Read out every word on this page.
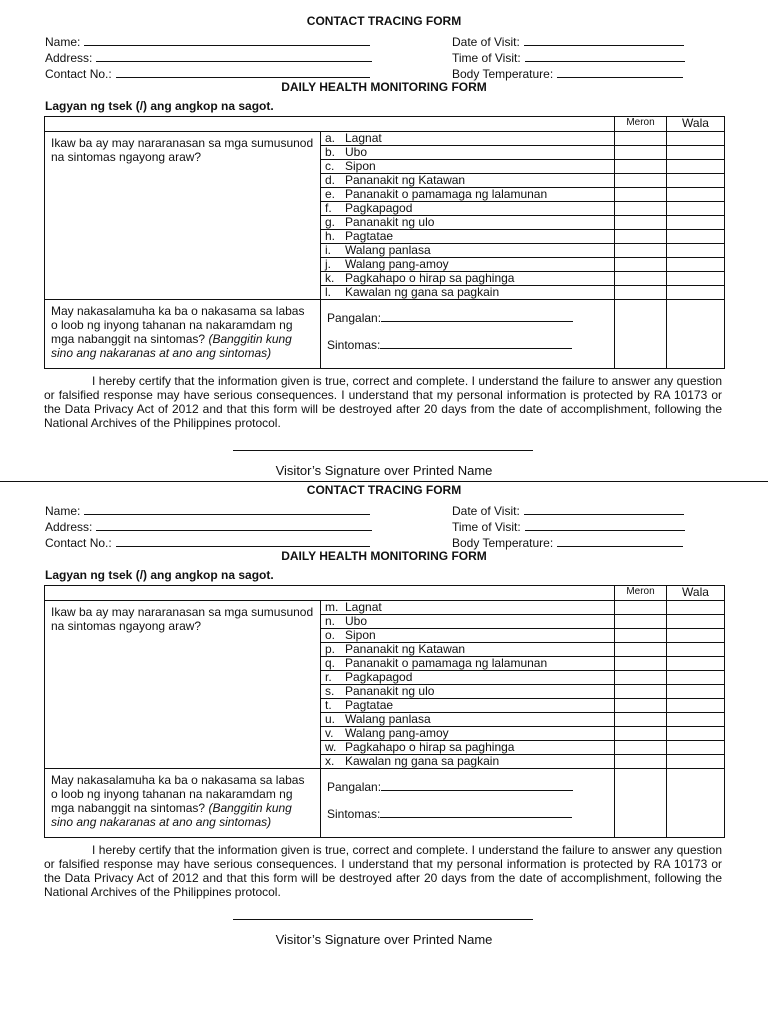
CONTACT TRACING FORM
Name:
Address:
Contact No.:
Date of Visit:
Time of Visit:
Body Temperature:
DAILY HEALTH MONITORING FORM
Lagyan ng tsek (/) ang angkop na sagot.
		Meron	Wala
Ikaw ba ay may nararanasan sa mga sumusunod na sintomas ngayong araw?	a. Lagnat		
	b. Ubo		
	c. Sipon		
	d. Pananakit ng Katawan		
	e. Pananakit o pamamaga ng lalamunan		
	f. Pagkapagod		
	g. Pananakit ng ulo		
	h. Pagtatae		
	i. Walang panlasa		
	j. Walang pang-amoy		
	k. Pagkahapo o hirap sa paghinga		
	l. Kawalan ng gana sa pagkain		
May nakasalamuha ka ba o nakasama sa labas o loob ng inyong tahanan na nakaramdam ng mga nabanggit na sintomas? (Banggitin kung sino ang nakaranas at ano ang sintomas)	Pangalan:
Sintomas:		

I hereby certify that the information given is true, correct and complete. I understand the failure to answer any question or falsified response may have serious consequences. I understand that my personal information is protected by RA 10173 or the Data Privacy Act of 2012 and that this form will be destroyed after 20 days from the date of accomplishment, following the National Archives of the Philippines protocol.
Visitor’s Signature over Printed Name
CONTACT TRACING FORM
Name:
Address:
Contact No.:
Date of Visit:
Time of Visit:
Body Temperature:
DAILY HEALTH MONITORING FORM
Lagyan ng tsek (/) ang angkop na sagot.
		Meron	Wala
Ikaw ba ay may nararanasan sa mga sumusunod na sintomas ngayong araw?	m. Lagnat		
	n. Ubo		
	o. Sipon		
	p. Pananakit ng Katawan		
	q. Pananakit o pamamaga ng lalamunan		
	r. Pagkapagod		
	s. Pananakit ng ulo		
	t. Pagtatae		
	u. Walang panlasa		
	v. Walang pang-amoy		
	w. Pagkahapo o hirap sa paghinga		
	x. Kawalan ng gana sa pagkain		
May nakasalamuha ka ba o nakasama sa labas o loob ng inyong tahanan na nakaramdam ng mga nabanggit na sintomas? (Banggitin kung sino ang nakaranas at ano ang sintomas)	Pangalan:
Sintomas:		

I hereby certify that the information given is true, correct and complete. I understand the failure to answer any question or falsified response may have serious consequences. I understand that my personal information is protected by RA 10173 or the Data Privacy Act of 2012 and that this form will be destroyed after 20 days from the date of accomplishment, following the National Archives of the Philippines protocol.
Visitor’s Signature over Printed Name
